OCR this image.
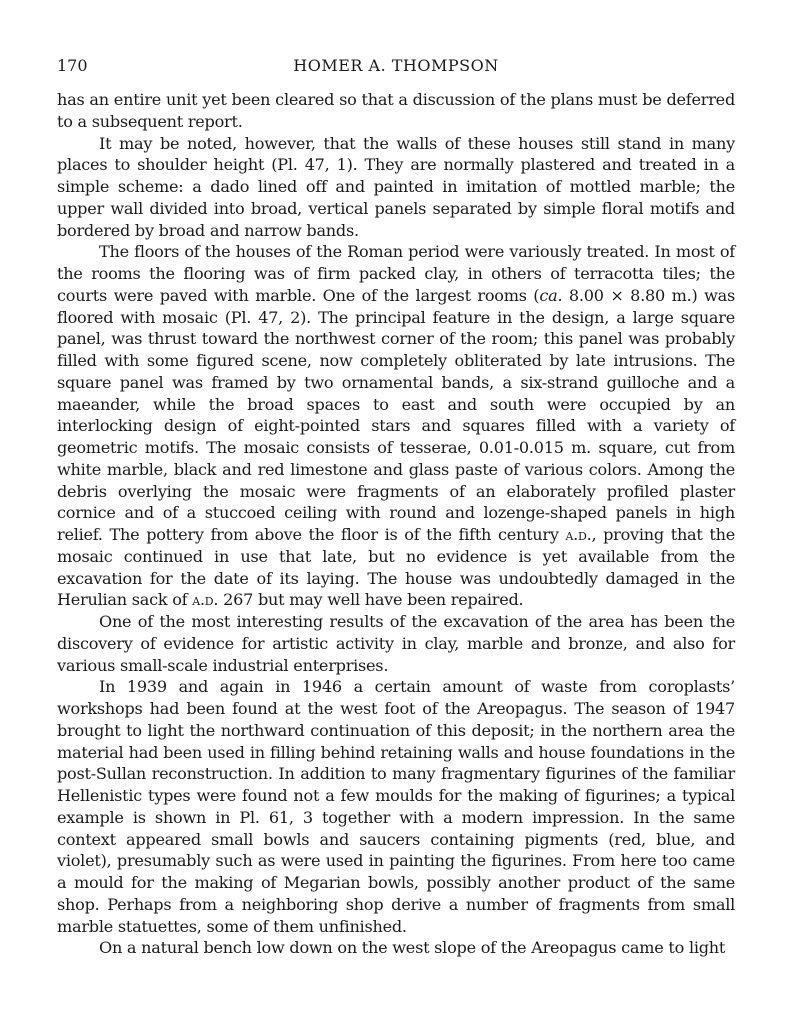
170	HOMER A. THOMPSON

has an entire unit yet been cleared so that a discussion of the plans must be deferred to a subsequent report.

It may be noted, however, that the walls of these houses still stand in many places to shoulder height (Pl. 47, 1). They are normally plastered and treated in a simple scheme: a dado lined off and painted in imitation of mottled marble; the upper wall divided into broad, vertical panels separated by simple floral motifs and bordered by broad and narrow bands.

The floors of the houses of the Roman period were variously treated. In most of the rooms the flooring was of firm packed clay, in others of terracotta tiles; the courts were paved with marble. One of the largest rooms (ca. 8.00 × 8.80 m.) was floored with mosaic (Pl. 47, 2). The principal feature in the design, a large square panel, was thrust toward the northwest corner of the room; this panel was probably filled with some figured scene, now completely obliterated by late intrusions. The square panel was framed by two ornamental bands, a six-strand guilloche and a maeander, while the broad spaces to east and south were occupied by an interlocking design of eight-pointed stars and squares filled with a variety of geometric motifs. The mosaic consists of tesserae, 0.01-0.015 m. square, cut from white marble, black and red limestone and glass paste of various colors. Among the debris overlying the mosaic were fragments of an elaborately profiled plaster cornice and of a stuccoed ceiling with round and lozenge-shaped panels in high relief. The pottery from above the floor is of the fifth century a.d., proving that the mosaic continued in use that late, but no evidence is yet available from the excavation for the date of its laying. The house was undoubtedly damaged in the Herulian sack of a.d. 267 but may well have been repaired.

One of the most interesting results of the excavation of the area has been the discovery of evidence for artistic activity in clay, marble and bronze, and also for various small-scale industrial enterprises.

In 1939 and again in 1946 a certain amount of waste from coroplasts’ workshops had been found at the west foot of the Areopagus. The season of 1947 brought to light the northward continuation of this deposit; in the northern area the material had been used in filling behind retaining walls and house foundations in the post-Sullan reconstruction. In addition to many fragmentary figurines of the familiar Hellenistic types were found not a few moulds for the making of figurines; a typical example is shown in Pl. 61, 3 together with a modern impression. In the same context appeared small bowls and saucers containing pigments (red, blue, and violet), presumably such as were used in painting the figurines. From here too came a mould for the making of Megarian bowls, possibly another product of the same shop. Perhaps from a neighboring shop derive a number of fragments from small marble statuettes, some of them unfinished.

On a natural bench low down on the west slope of the Areopagus came to light
